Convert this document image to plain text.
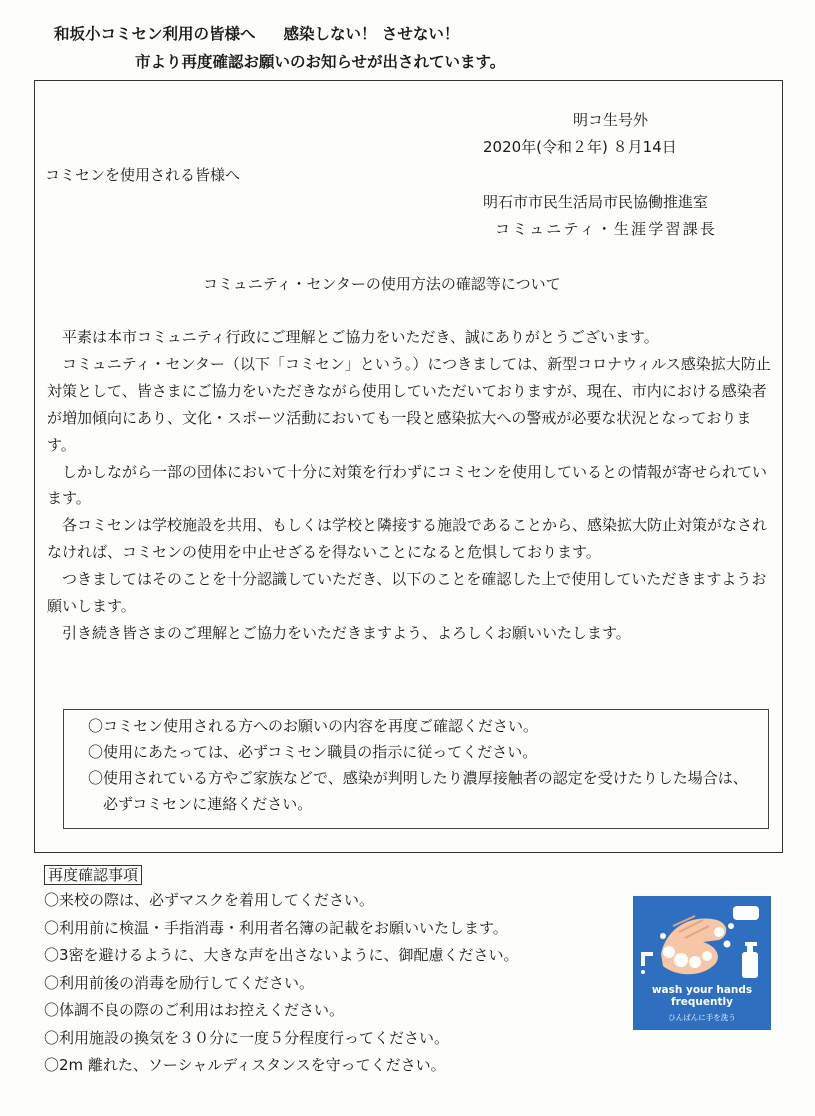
和坂小コミセン利用の皆様へ 感染しない！ させない！
市より再度確認お願いのお知らせが出されています。
明コ生号外
2020年(令和２年) ８月14日
コミセンを使用される皆様へ
明石市市民生活局市民協働推進室
コミュニティ・生涯学習課長
コミュニティ・センターの使用方法の確認等について

平素は本市コミュニティ行政にご理解とご協力をいただき、誠にありがとうございます。

コミュニティ・センター（以下「コミセン」という。）につきましては、新型コロナウィルス感染拡大防止対策として、皆さまにご協力をいただきながら使用していただいておりますが、現在、市内における感染者が増加傾向にあり、文化・スポーツ活動においても一段と感染拡大への警戒が必要な状況となっております。

しかしながら一部の団体において十分に対策を行わずにコミセンを使用しているとの情報が寄せられています。

各コミセンは学校施設を共用、もしくは学校と隣接する施設であることから、感染拡大防止対策がなされなければ、コミセンの使用を中止せざるを得ないことになると危惧しております。

つきましてはそのことを十分認識していただき、以下のことを確認した上で使用していただきますようお願いします。

引き続き皆さまのご理解とご協力をいただきますよう、よろしくお願いいたします。

〇コミセン使用される方へのお願いの内容を再度ご確認ください。
〇使用にあたっては、必ずコミセン職員の指示に従ってください。
〇使用されている方やご家族などで、感染が判明したり濃厚接触者の認定を受けたりした場合は、必ずコミセンに連絡ください。
再度確認事項
〇来校の際は、必ずマスクを着用してください。
〇利用前に検温・手指消毒・利用者名簿の記載をお願いいたします。
〇3密を避けるように、大きな声を出さないように、御配慮ください。
〇利用前後の消毒を励行してください。
〇体調不良の際のご利用はお控えください。
〇利用施設の換気を３０分に一度５分程度行ってください。
〇2m 離れた、ソーシャルディスタンスを守ってください。
wash your hands
frequently
ひんぱんに手を洗う
